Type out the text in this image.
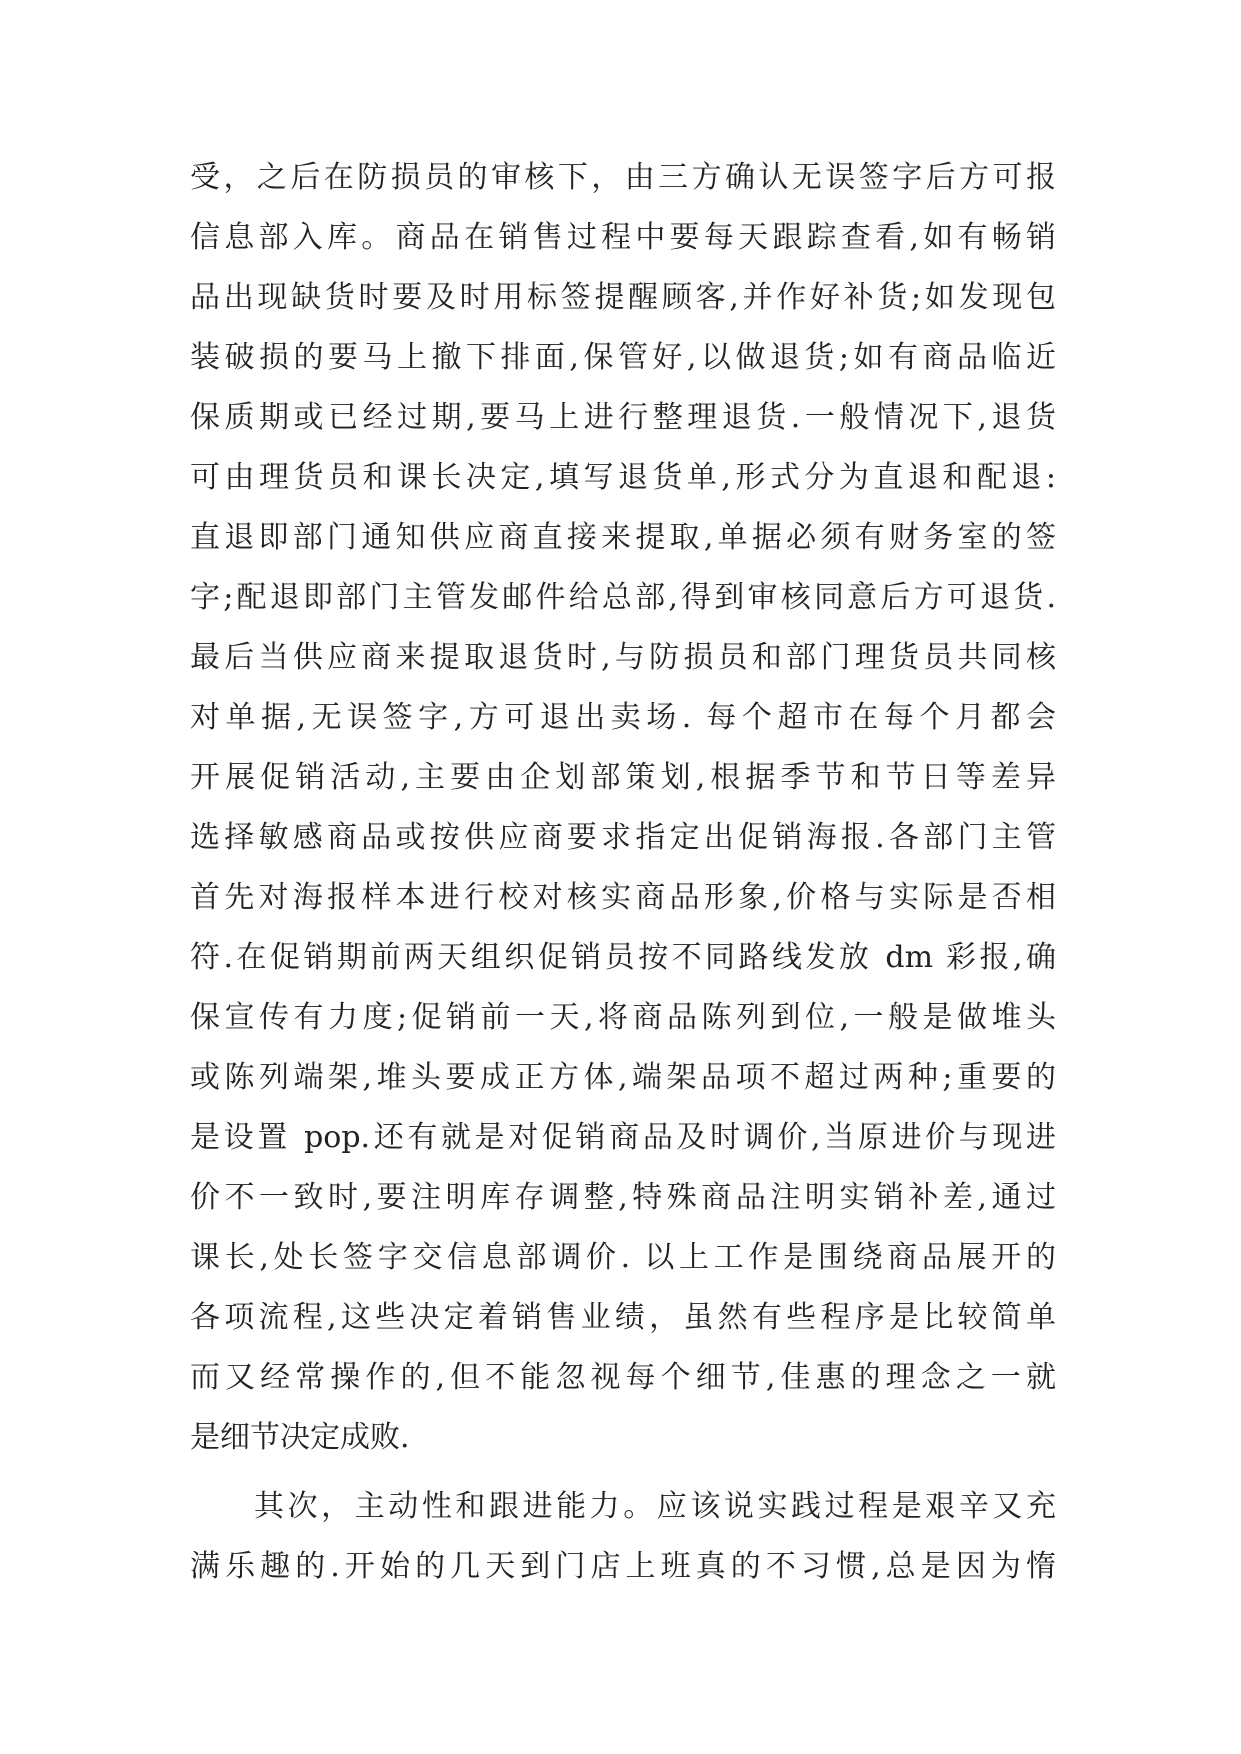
受，之后在防损员的审核下，由三方确认无误签字后方可报
信息部入库。商品在销售过程中要每天跟踪查看,如有畅销
品出现缺货时要及时用标签提醒顾客,并作好补货;如发现包
装破损的要马上撤下排面,保管好,以做退货;如有商品临近
保质期或已经过期,要马上进行整理退货.一般情况下,退货
可由理货员和课长决定,填写退货单,形式分为直退和配退:
直退即部门通知供应商直接来提取,单据必须有财务室的签
字;配退即部门主管发邮件给总部,得到审核同意后方可退货.
最后当供应商来提取退货时,与防损员和部门理货员共同核
对单据,无误签字,方可退出卖场. 每个超市在每个月都会
开展促销活动,主要由企划部策划,根据季节和节日等差异
选择敏感商品或按供应商要求指定出促销海报.各部门主管
首先对海报样本进行校对核实商品形象,价格与实际是否相
符.在促销期前两天组织促销员按不同路线发放 dm 彩报,确
保宣传有力度;促销前一天,将商品陈列到位,一般是做堆头
或陈列端架,堆头要成正方体,端架品项不超过两种;重要的
是设置 pop.还有就是对促销商品及时调价,当原进价与现进
价不一致时,要注明库存调整,特殊商品注明实销补差,通过
课长,处长签字交信息部调价. 以上工作是围绕商品展开的
各项流程,这些决定着销售业绩，虽然有些程序是比较简单
而又经常操作的,但不能忽视每个细节,佳惠的理念之一就
是细节决定成败.
其次，主动性和跟进能力。应该说实践过程是艰辛又充
满乐趣的.开始的几天到门店上班真的不习惯,总是因为惰
